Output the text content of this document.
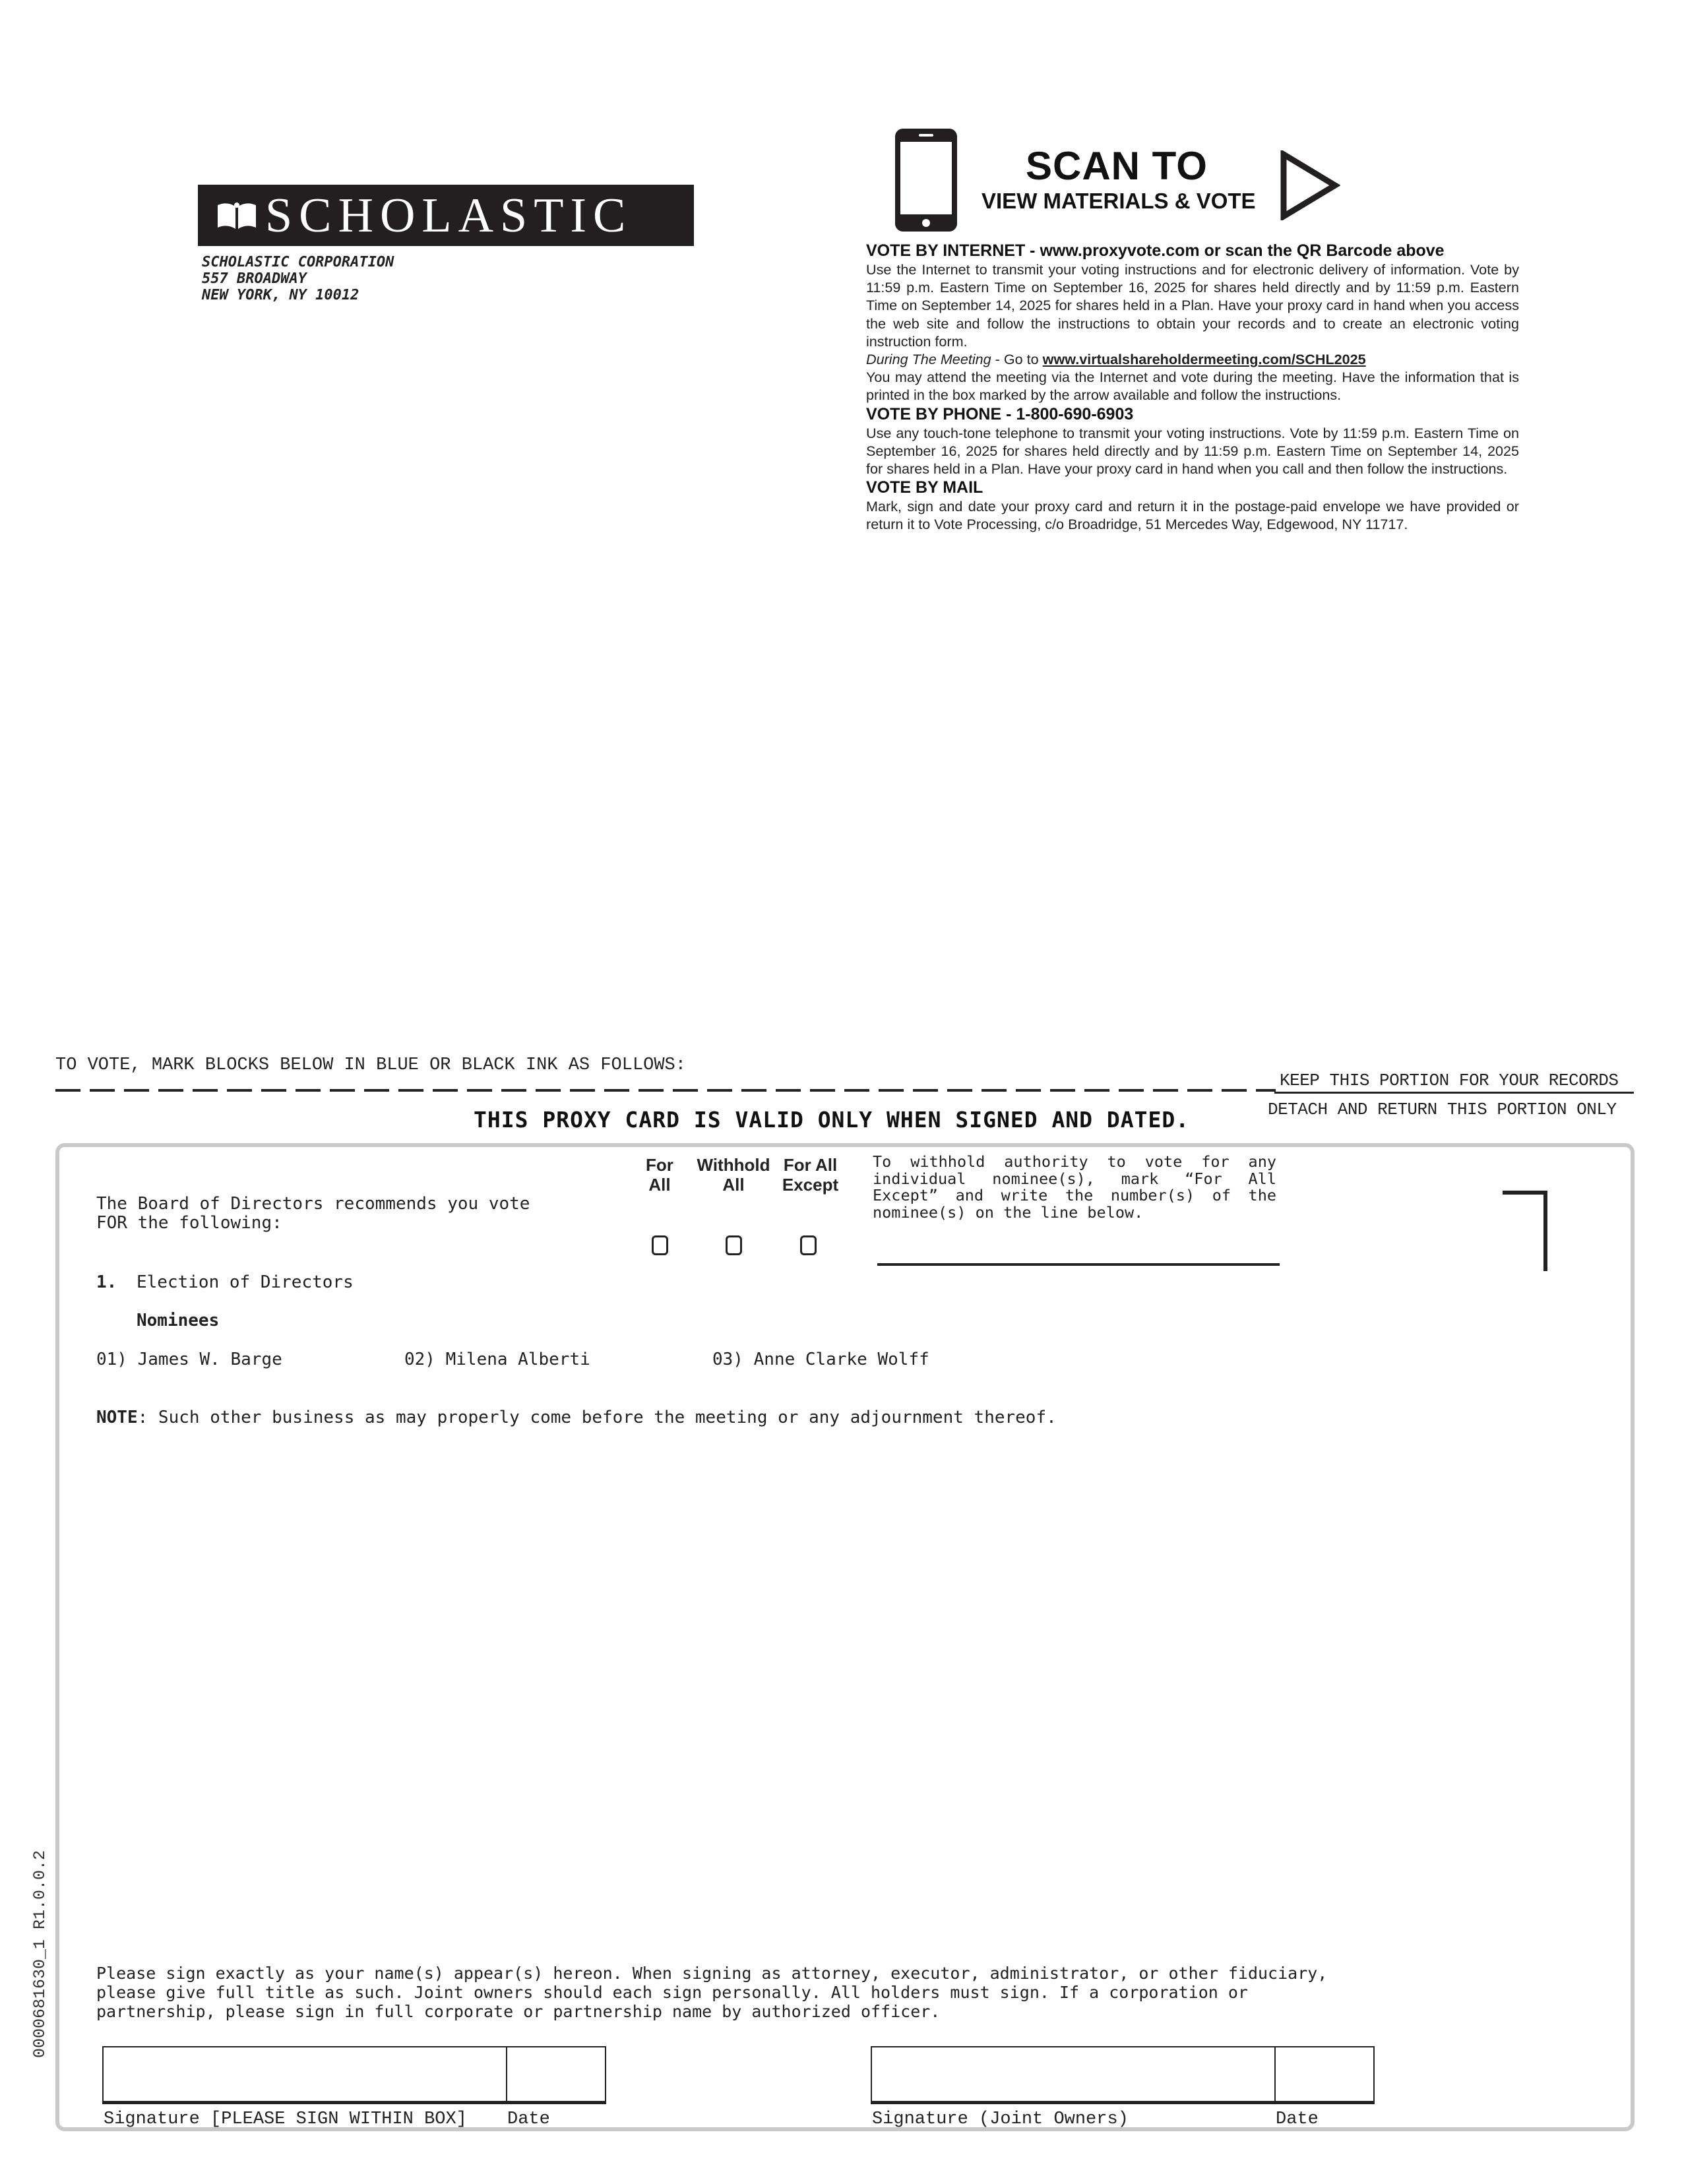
SCHOLASTIC
SCHOLASTIC CORPORATION
557 BROADWAY
NEW YORK, NY 10012
SCAN TO
VIEW MATERIALS & VOTE
VOTE BY INTERNET - www.proxyvote.com or scan the QR Barcode above
Use the Internet to transmit your voting instructions and for electronic delivery of information. Vote by 11:59 p.m. Eastern Time on September 16, 2025 for shares held directly and by 11:59 p.m. Eastern Time on September 14, 2025 for shares held in a Plan. Have your proxy card in hand when you access the web site and follow the instructions to obtain your records and to create an electronic voting instruction form.
During The Meeting - Go to www.virtualshareholdermeeting.com/SCHL2025
You may attend the meeting via the Internet and vote during the meeting. Have the information that is printed in the box marked by the arrow available and follow the instructions.
VOTE BY PHONE - 1-800-690-6903
Use any touch-tone telephone to transmit your voting instructions. Vote by 11:59 p.m. Eastern Time on September 16, 2025 for shares held directly and by 11:59 p.m. Eastern Time on September 14, 2025 for shares held in a Plan. Have your proxy card in hand when you call and then follow the instructions.
VOTE BY MAIL
Mark, sign and date your proxy card and return it in the postage-paid envelope we have provided or return it to Vote Processing, c/o Broadridge, 51 Mercedes Way, Edgewood, NY 11717.
TO VOTE, MARK BLOCKS BELOW IN BLUE OR BLACK INK AS FOLLOWS:
KEEP THIS PORTION FOR YOUR RECORDS
DETACH AND RETURN THIS PORTION ONLY
THIS PROXY CARD IS VALID ONLY WHEN SIGNED AND DATED.
The Board of Directors recommends you vote FOR the following:
For
All
Withhold
All
For All
Except
To withhold authority to vote for any individual nominee(s), mark “For All Except” and write the number(s) of the nominee(s) on the line below.
1. Election of Directors
Nominees
01) James W. Barge	02) Milena Alberti	03) Anne Clarke Wolff
NOTE: Such other business as may properly come before the meeting or any adjournment thereof.
Please sign exactly as your name(s) appear(s) hereon. When signing as attorney, executor, administrator, or other fiduciary, please give full title as such. Joint owners should each sign personally. All holders must sign. If a corporation or partnership, please sign in full corporate or partnership name by authorized officer.
Signature [PLEASE SIGN WITHIN BOX] Date	Signature (Joint Owners)	Date
0000681630_1 R1.0.0.2
